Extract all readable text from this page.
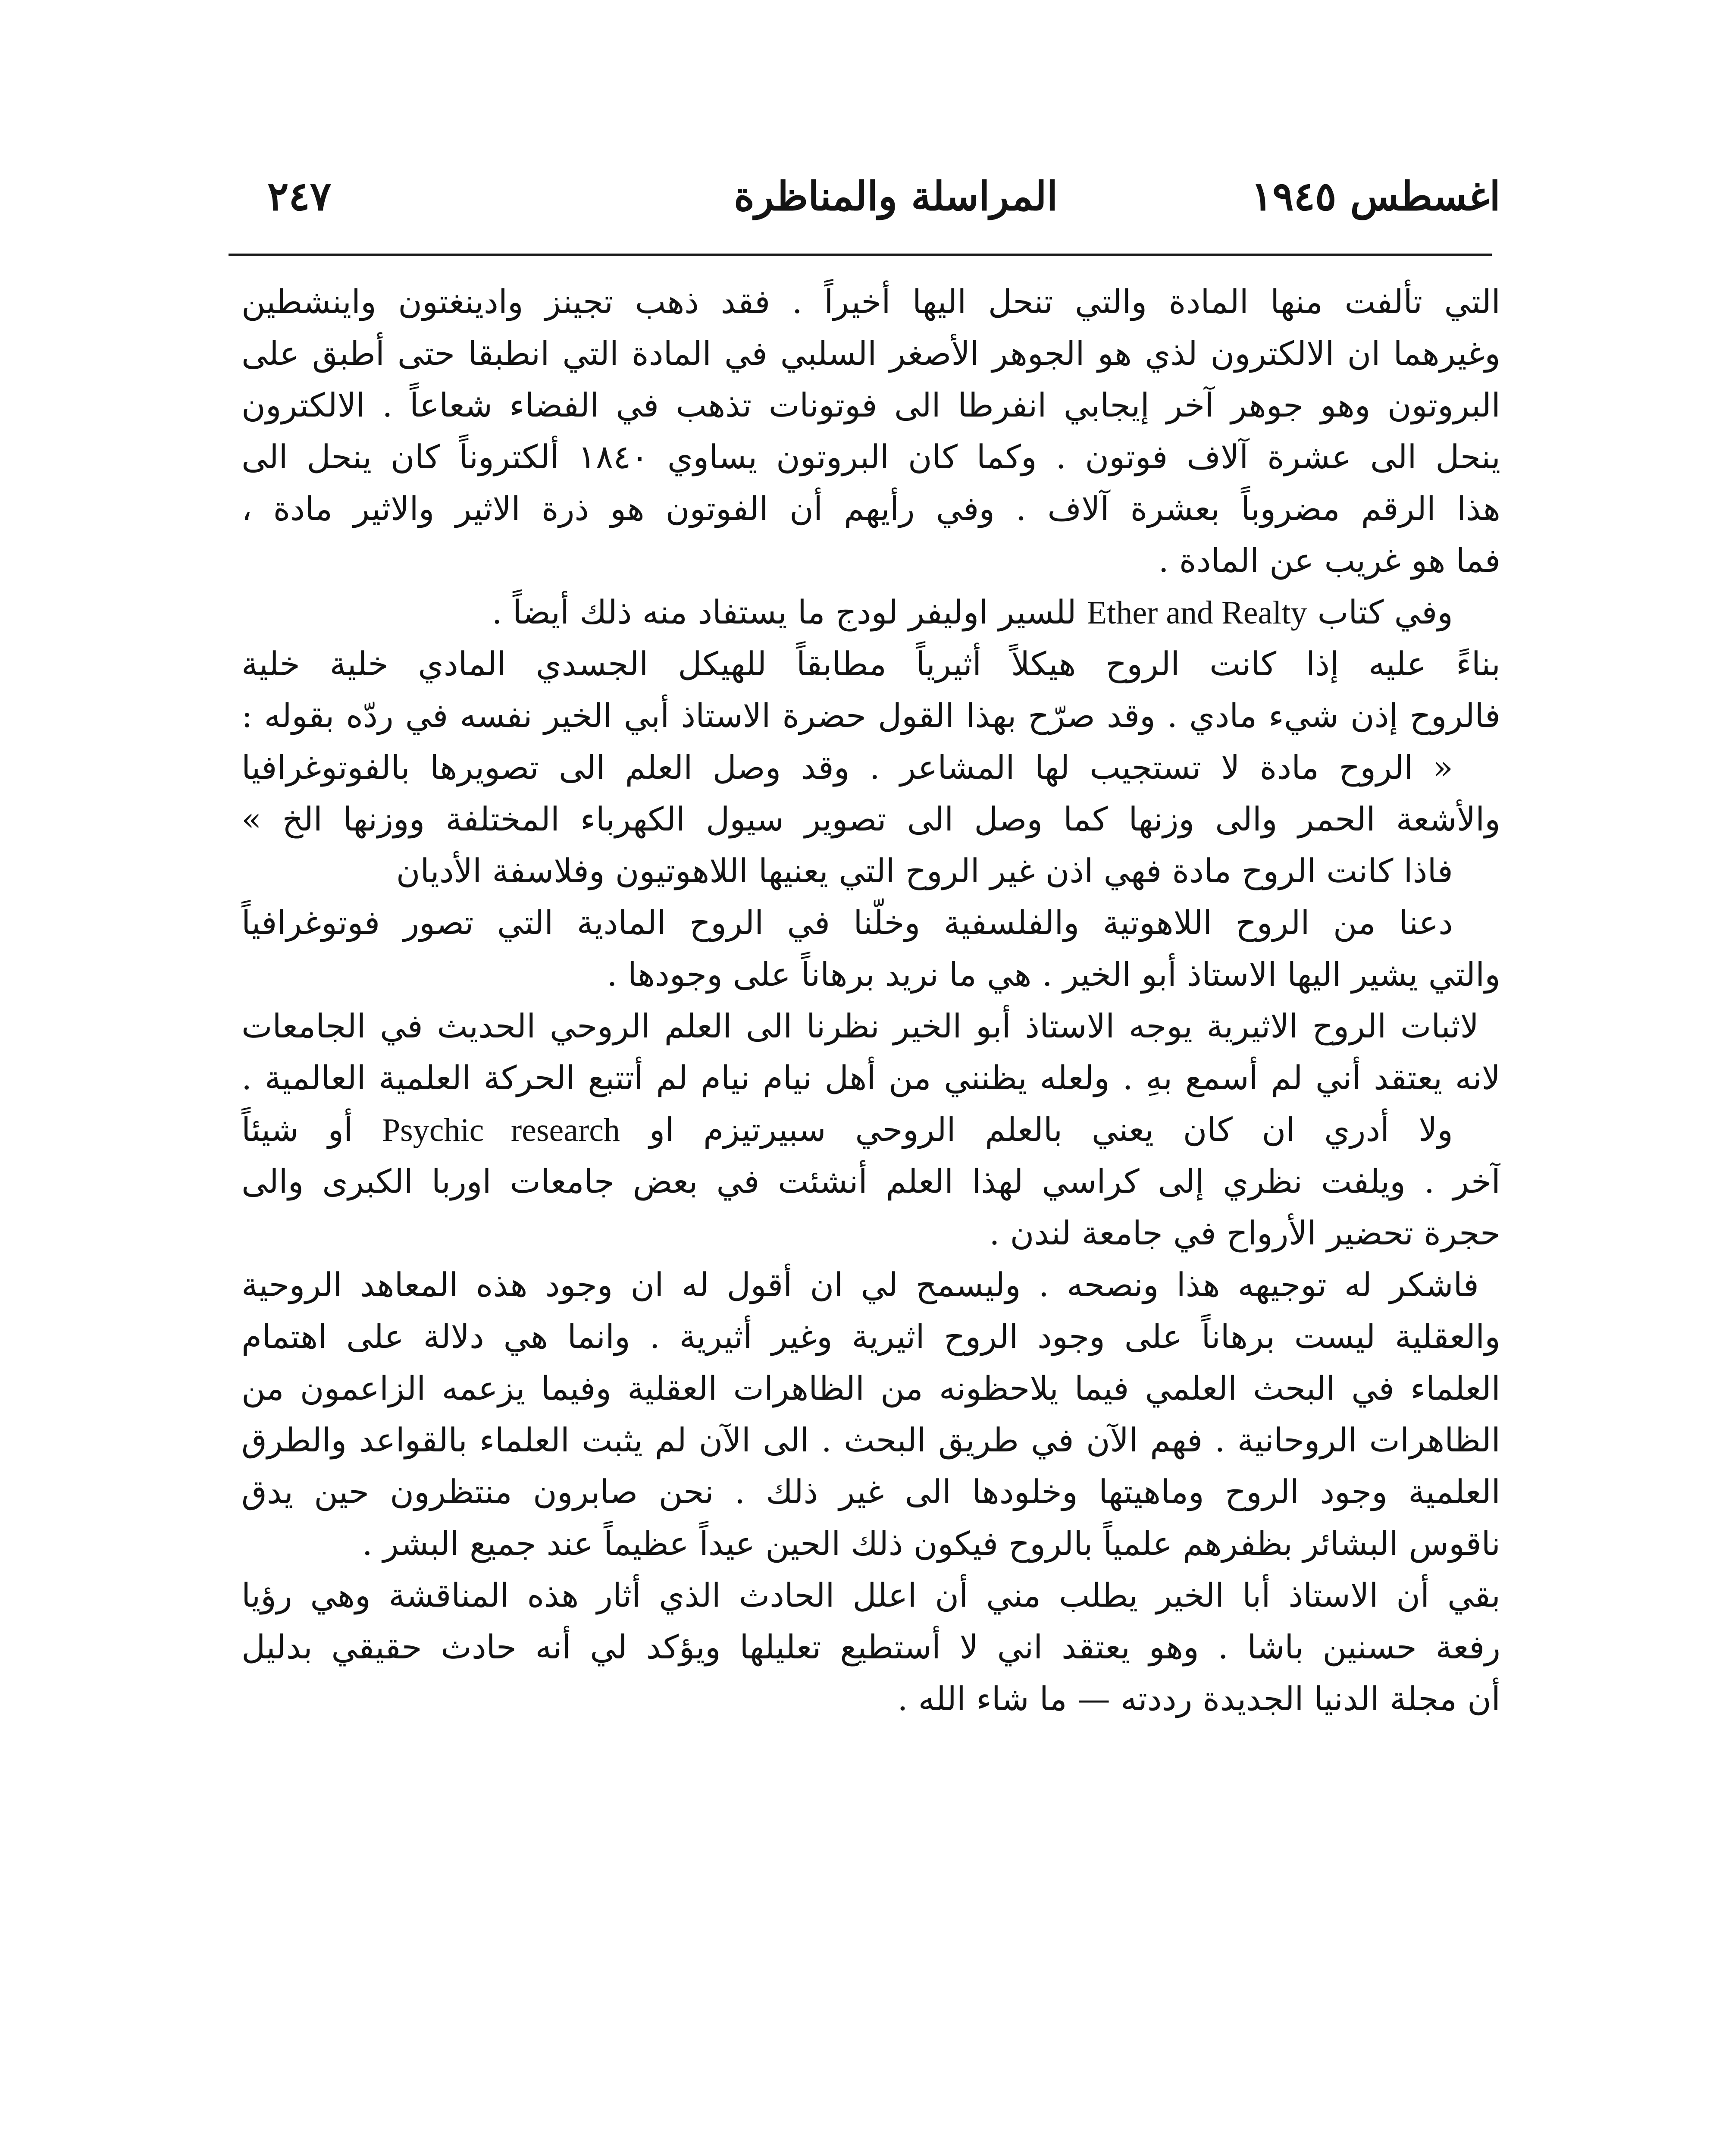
اغسطس ١٩٤٥
المراسلة والمناظرة
٢٤٧
التي تألفت منها المادة والتي تنحل اليها أخيراً . فقد ذهب تجينز وادينغتون واينشطين
وغيرهما ان الالكترون لذي هو الجوهر الأصغر السلبي في المادة التي انطبقا حتى أطبق على
البروتون وهو جوهر آخر إيجابي انفرطا الى فوتونات تذهب في الفضاء شعاعاً . الالكترون
ينحل الى عشرة آلاف فوتون . وكما كان البروتون يساوي ١٨٤٠ ألكتروناً كان ينحل الى
هذا الرقم مضروباً بعشرة آلاف . وفي رأيهم أن الفوتون هو ذرة الاثير والاثير مادة ،
فما هو غريب عن المادة .
وفي كتاب Ether and Realty للسير اوليفر لودج ما يستفاد منه ذلك أيضاً .
بناءً عليه إذا كانت الروح هيكلاً أثيرياً مطابقاً للهيكل الجسدي المادي خلية خلية
فالروح إذن شيء مادي . وقد صرّح بهذا القول حضرة الاستاذ أبي الخير نفسه في ردّه بقوله :
« الروح مادة لا تستجيب لها المشاعر . وقد وصل العلم الى تصويرها بالفوتوغرافيا
والأشعة الحمر والى وزنها كما وصل الى تصوير سيول الكهرباء المختلفة ووزنها الخ »
فاذا كانت الروح مادة فهي اذن غير الروح التي يعنيها اللاهوتيون وفلاسفة الأديان
دعنا من الروح اللاهوتية والفلسفية وخلّنا في الروح المادية التي تصور فوتوغرافياً
والتي يشير اليها الاستاذ أبو الخير . هي ما نريد برهاناً على وجودها .
لاثبات الروح الاثيرية يوجه الاستاذ أبو الخير نظرنا الى العلم الروحي الحديث في الجامعات
لانه يعتقد أني لم أسمع بهِ . ولعله يظنني من أهل نيام نيام لم أتتبع الحركة العلمية العالمية .
ولا أدري ان كان يعني بالعلم الروحي سبيرتيزم او Psychic research أو شيئاً
آخر . ويلفت نظري إلى كراسي لهذا العلم أنشئت في بعض جامعات اوربا الكبرى والى
حجرة تحضير الأرواح في جامعة لندن .
فاشكر له توجيهه هذا ونصحه . وليسمح لي ان أقول له ان وجود هذه المعاهد الروحية
والعقلية ليست برهاناً على وجود الروح اثيرية وغير أثيرية . وانما هي دلالة على اهتمام
العلماء في البحث العلمي فيما يلاحظونه من الظاهرات العقلية وفيما يزعمه الزاعمون من
الظاهرات الروحانية . فهم الآن في طريق البحث . الى الآن لم يثبت العلماء بالقواعد والطرق
العلمية وجود الروح وماهيتها وخلودها الى غير ذلك . نحن صابرون منتظرون حين يدق
ناقوس البشائر بظفرهم علمياً بالروح فيكون ذلك الحين عيداً عظيماً عند جميع البشر .
بقي أن الاستاذ أبا الخير يطلب مني أن اعلل الحادث الذي أثار هذه المناقشة وهي رؤيا
رفعة حسنين باشا . وهو يعتقد اني لا أستطيع تعليلها ويؤكد لي أنه حادث حقيقي بدليل
أن مجلة الدنيا الجديدة رددته — ما شاء الله .
